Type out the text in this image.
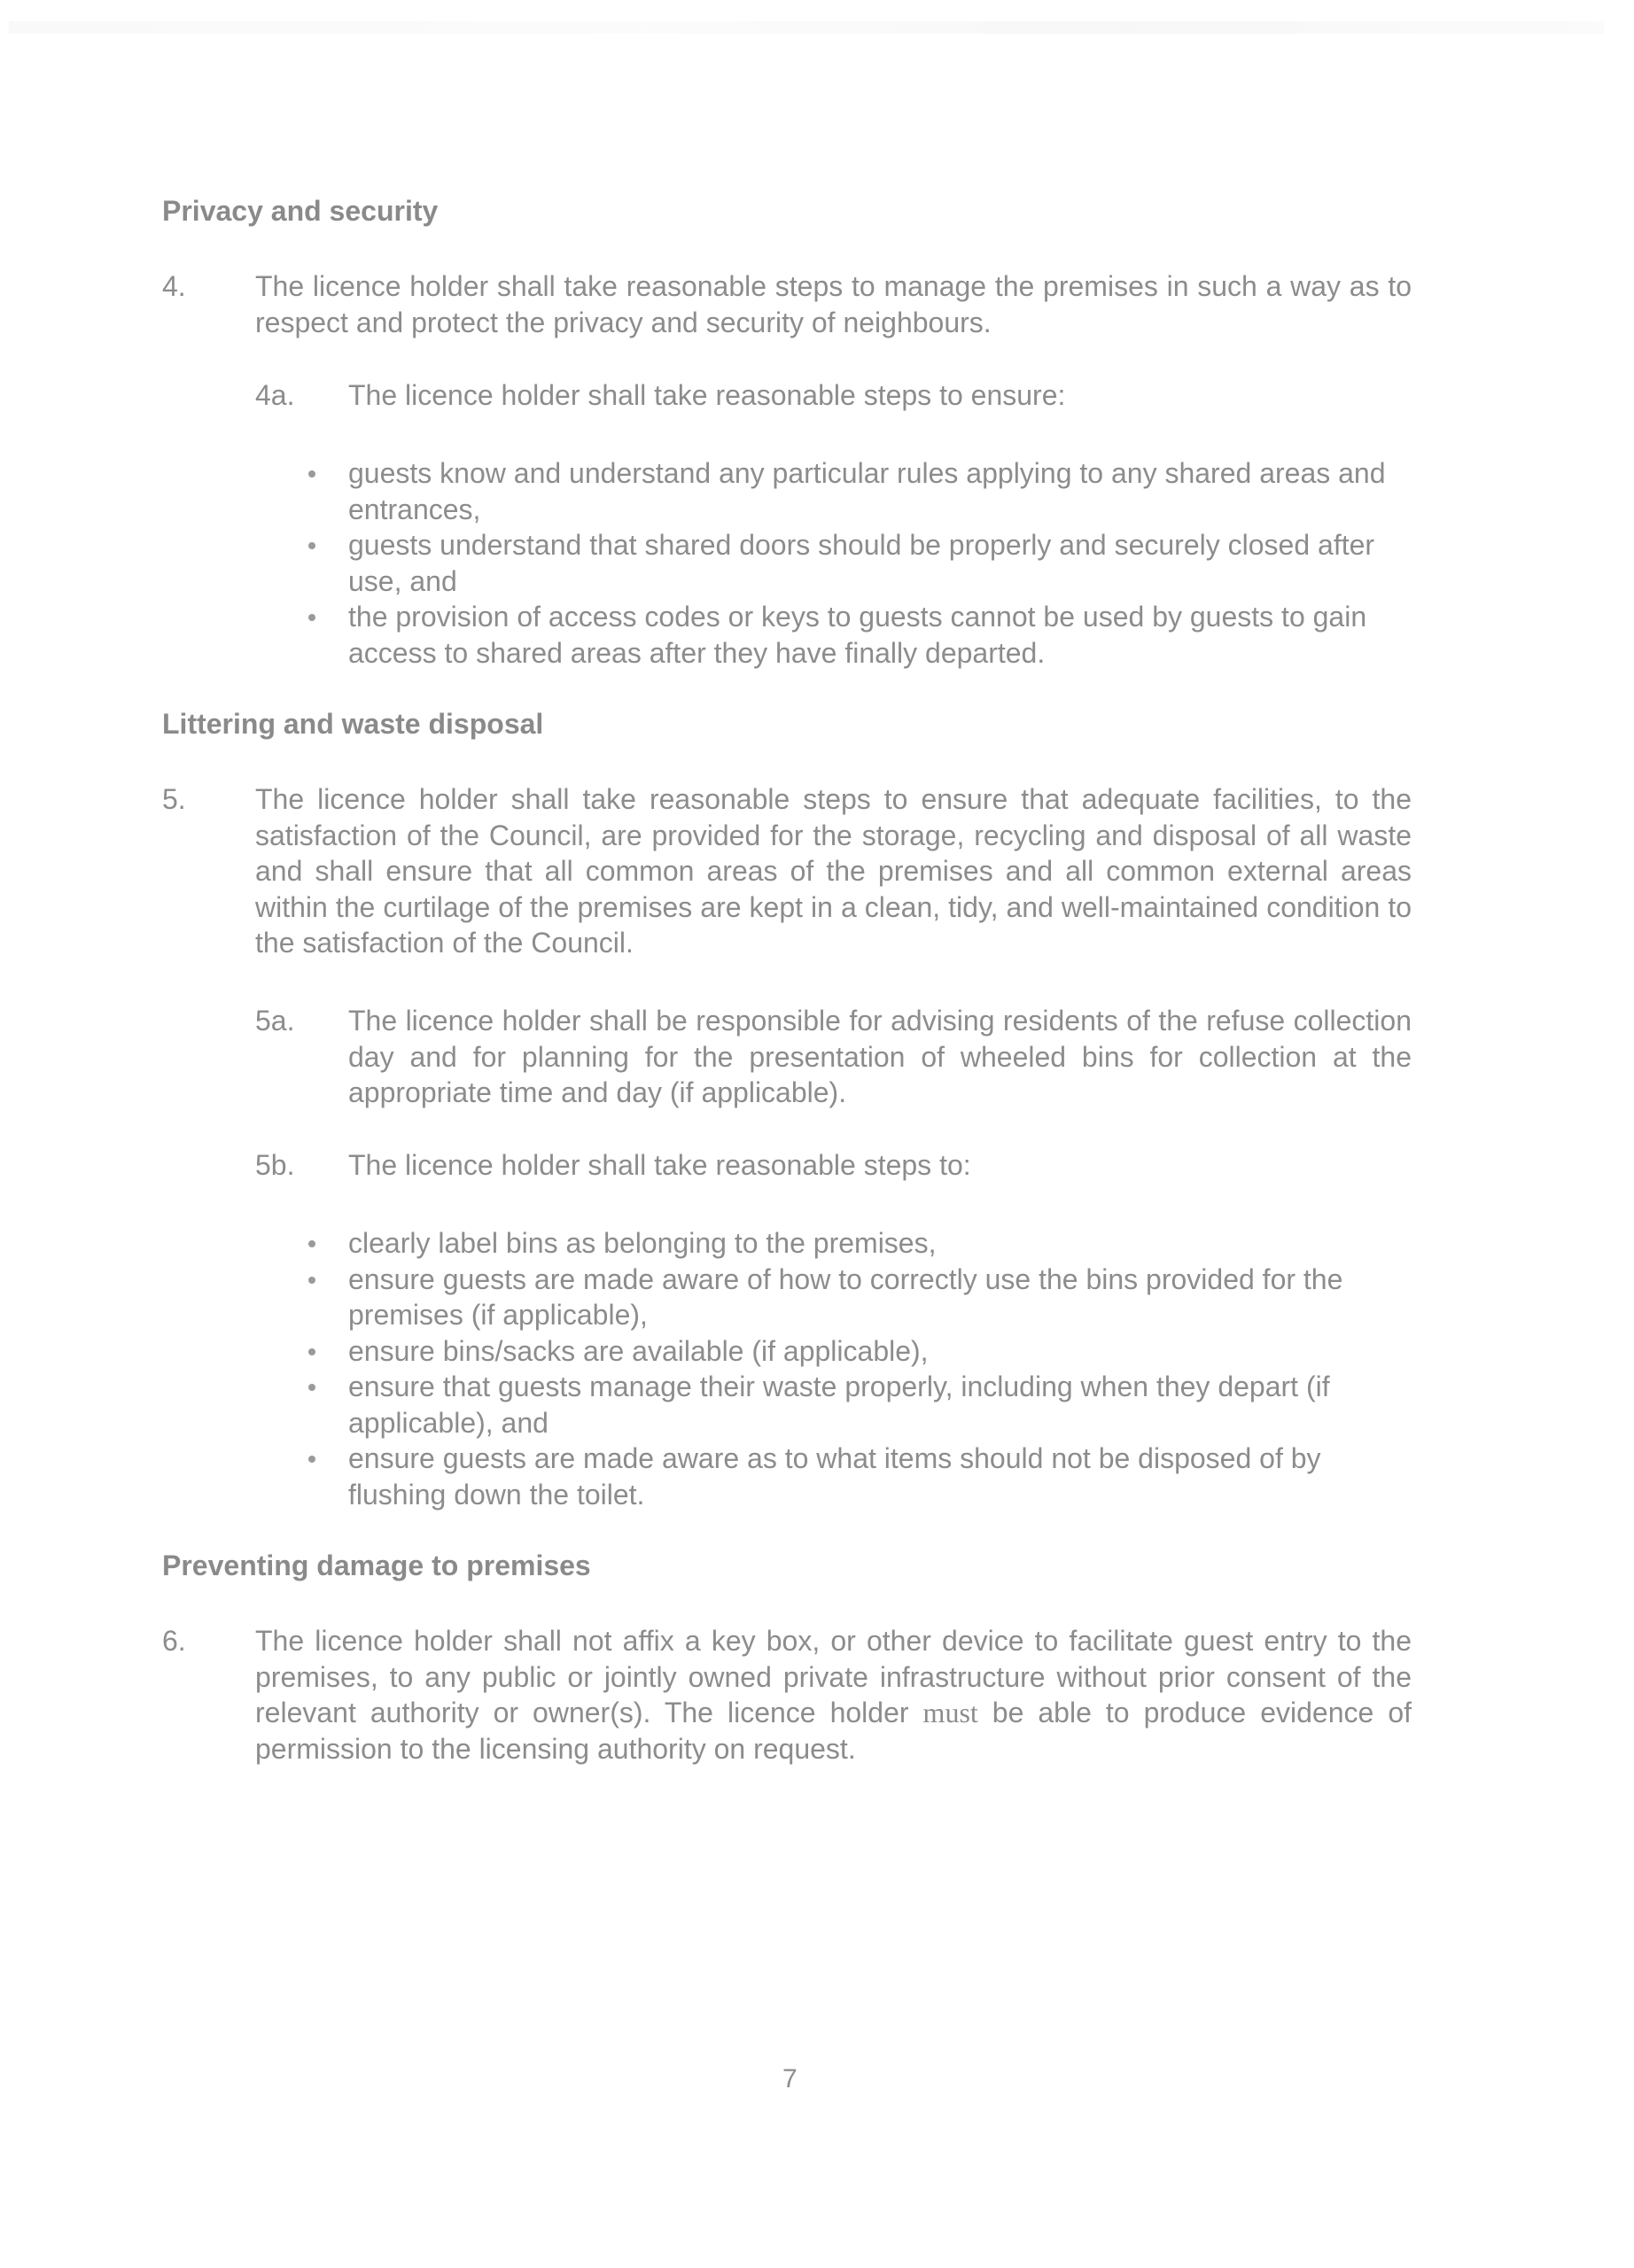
Privacy and security
4. The licence holder shall take reasonable steps to manage the premises in such a way as to respect and protect the privacy and security of neighbours.
4a. The licence holder shall take reasonable steps to ensure:
guests know and understand any particular rules applying to any shared areas and entrances,
guests understand that shared doors should be properly and securely closed after use, and
the provision of access codes or keys to guests cannot be used by guests to gain access to shared areas after they have finally departed.
Littering and waste disposal
5. The licence holder shall take reasonable steps to ensure that adequate facilities, to the satisfaction of the Council, are provided for the storage, recycling and disposal of all waste and shall ensure that all common areas of the premises and all common external areas within the curtilage of the premises are kept in a clean, tidy, and well-maintained condition to the satisfaction of the Council.
5a. The licence holder shall be responsible for advising residents of the refuse collection day and for planning for the presentation of wheeled bins for collection at the appropriate time and day (if applicable).
5b. The licence holder shall take reasonable steps to:
clearly label bins as belonging to the premises,
ensure guests are made aware of how to correctly use the bins provided for the premises (if applicable),
ensure bins/sacks are available (if applicable),
ensure that guests manage their waste properly, including when they depart (if applicable), and
ensure guests are made aware as to what items should not be disposed of by flushing down the toilet.
Preventing damage to premises
6. The licence holder shall not affix a key box, or other device to facilitate guest entry to the premises, to any public or jointly owned private infrastructure without prior consent of the relevant authority or owner(s). The licence holder must be able to produce evidence of permission to the licensing authority on request.
7
